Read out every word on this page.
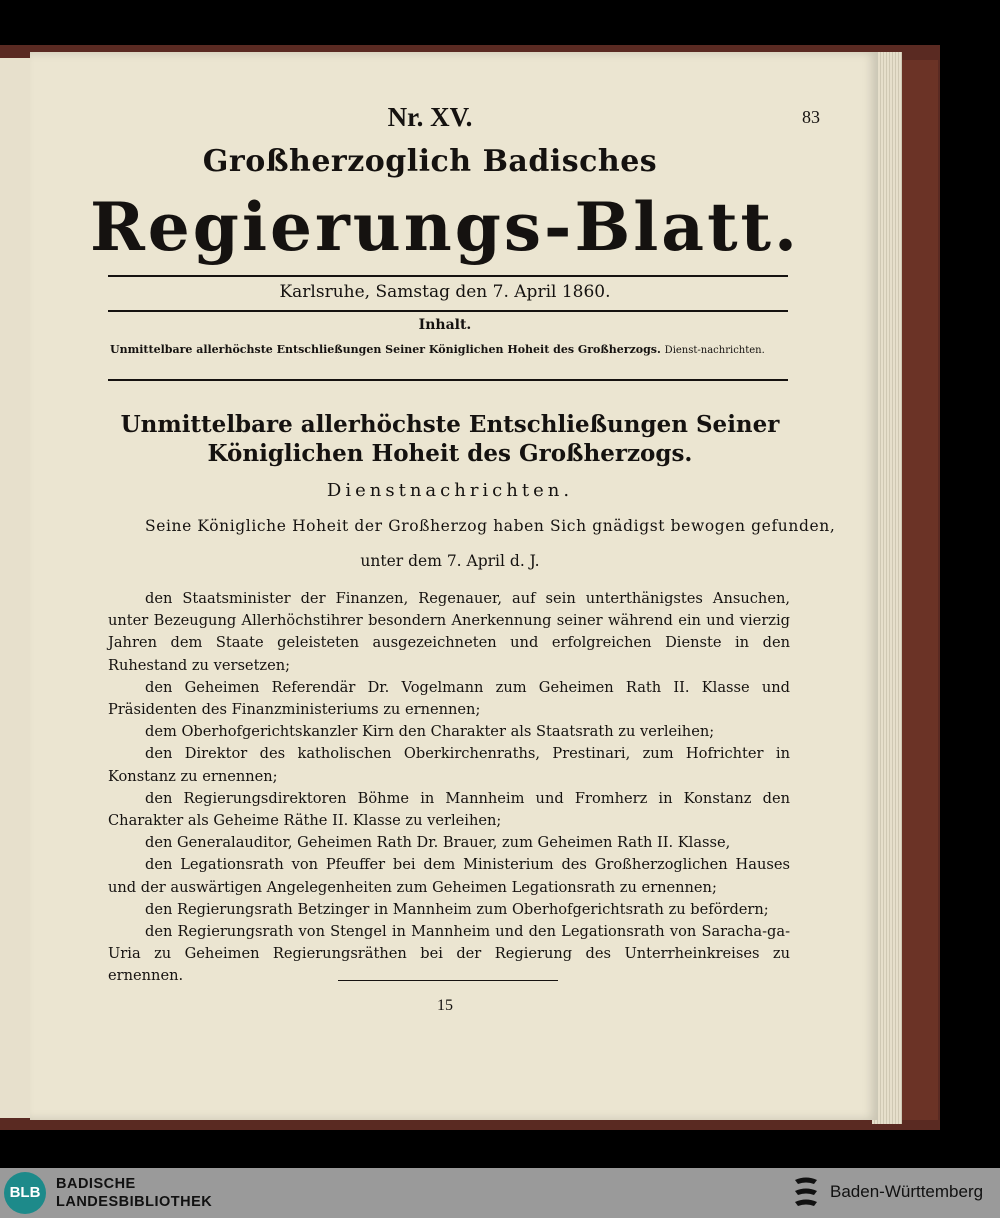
Nr. XV.	83
Großherzoglich Badisches
Regierungs-Blatt.
Karlsruhe, Samstag den 7. April 1860.
Inhalt.
Unmittelbare allerhöchste Entschließungen Seiner Königlichen Hoheit des Großherzogs. Dienst-nachrichten.
Unmittelbare allerhöchste Entschließungen Seiner Königlichen Hoheit des Großherzogs.
Dienstnachrichten.
Seine Königliche Hoheit der Großherzog haben Sich gnädigst bewogen gefunden,
unter dem 7. April d. J.

den Staatsminister der Finanzen, Regenauer, auf sein unterthänigstes Ansuchen, unter Bezeugung Allerhöchstihrer besondern Anerkennung seiner während ein und vierzig Jahren dem Staate geleisteten ausgezeichneten und erfolgreichen Dienste in den Ruhestand zu versetzen;

den Geheimen Referendär Dr. Vogelmann zum Geheimen Rath II. Klasse und Präsidenten des Finanzministeriums zu ernennen;

dem Oberhofgerichtskanzler Kirn den Charakter als Staatsrath zu verleihen;

den Direktor des katholischen Oberkirchenraths, Prestinari, zum Hofrichter in Konstanz zu ernennen;

den Regierungsdirektoren Böhme in Mannheim und Fromherz in Konstanz den Charakter als Geheime Räthe II. Klasse zu verleihen;

den Generalauditor, Geheimen Rath Dr. Brauer, zum Geheimen Rath II. Klasse,

den Legationsrath von Pfeuffer bei dem Ministerium des Großherzoglichen Hauses und der auswärtigen Angelegenheiten zum Geheimen Legationsrath zu ernennen;

den Regierungsrath Betzinger in Mannheim zum Oberhofgerichtsrath zu befördern;

den Regierungsrath von Stengel in Mannheim und den Legationsrath von Saracha-ga-Uria zu Geheimen Regierungsräthen bei der Regierung des Unterrheinkreises zu ernennen.

15
BLB	BADISCHE
LANDESBIBLIOTHEK
Baden-Württemberg
